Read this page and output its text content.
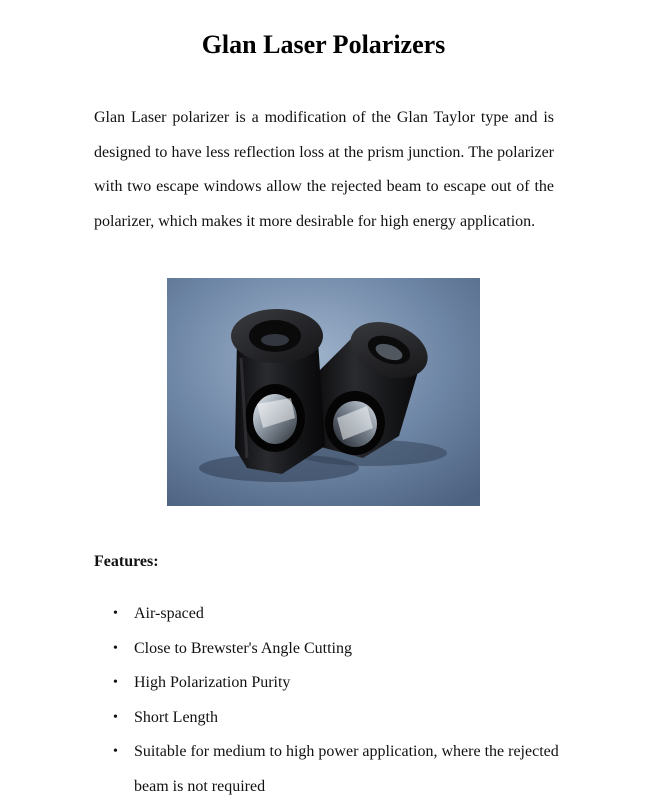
Glan Laser Polarizers

Glan Laser polarizer is a modification of the Glan Taylor type and is designed to have less reflection loss at the prism junction. The polarizer with two escape windows allow the rejected beam to escape out of the polarizer, which makes it more desirable for high energy application.

Features:

• Air-spaced
• Close to Brewster's Angle Cutting
• High Polarization Purity
• Short Length
• Suitable for medium to high power application, where the rejected beam is not required
